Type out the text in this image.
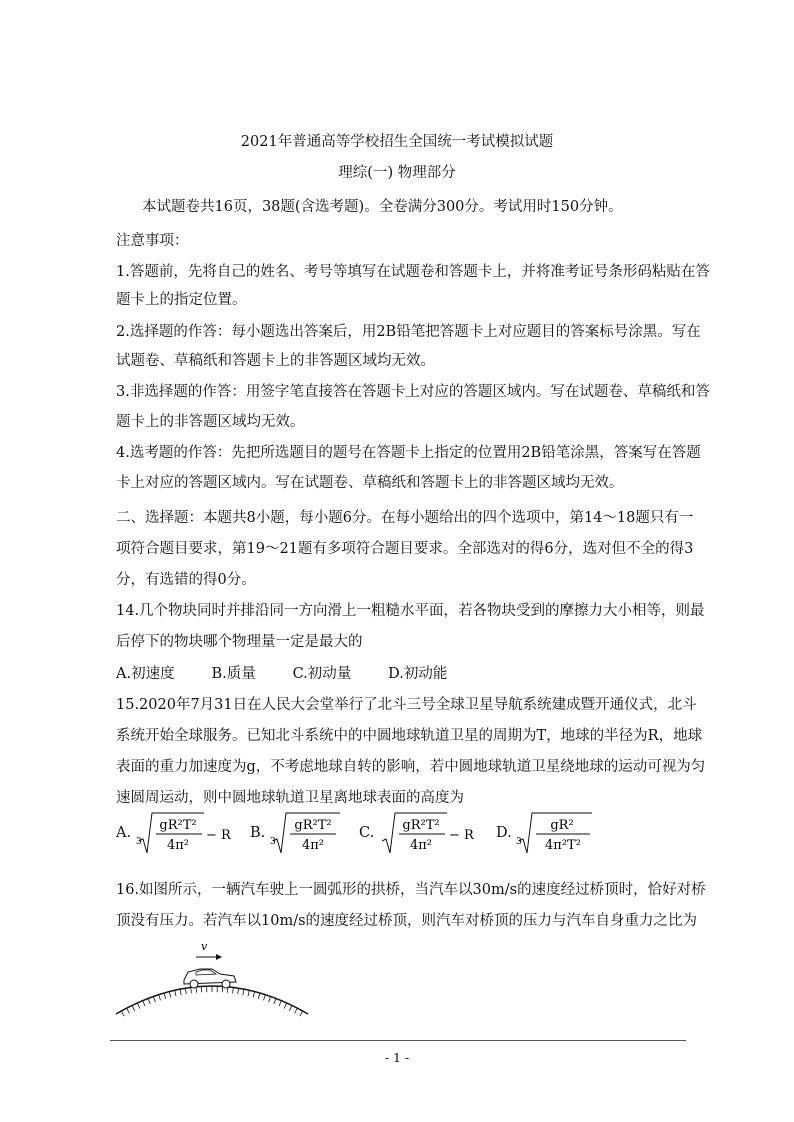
2021年普通高等学校招生全国统一考试模拟试题
理综(一) 物理部分
本试题卷共16页，38题(含选考题)。全卷满分300分。考试用时150分钟。
注意事项：
1.答题前，先将自己的姓名、考号等填写在试题卷和答题卡上，并将准考证号条形码粘贴在答
题卡上的指定位置。
2.选择题的作答：每小题选出答案后，用2B铅笔把答题卡上对应题目的答案标号涂黑。写在
试题卷、草稿纸和答题卡上的非答题区域均无效。
3.非选择题的作答：用签字笔直接答在答题卡上对应的答题区域内。写在试题卷、草稿纸和答
题卡上的非答题区域均无效。
4.选考题的作答：先把所选题目的题号在答题卡上指定的位置用2B铅笔涂黑，答案写在答题
卡上对应的答题区域内。写在试题卷、草稿纸和答题卡上的非答题区域均无效。
二、选择题：本题共8小题，每小题6分。在每小题给出的四个选项中，第14～18题只有一
项符合题目要求，第19～21题有多项符合题目要求。全部选对的得6分，选对但不全的得3
分，有选错的得0分。
14.几个物块同时并排沿同一方向滑上一粗糙水平面，若各物块受到的摩擦力大小相等，则最
后停下的物块哪个物理量一定是最大的
A.初速度        B.质量        C.初动量        D.初动能
15.2020年7月31日在人民大会堂举行了北斗三号全球卫星导航系统建成暨开通仪式，北斗
系统开始全球服务。已知北斗系统中的中圆地球轨道卫星的周期为T，地球的半径为R，地球
表面的重力加速度为g，不考虑地球自转的影响，若中圆地球轨道卫星绕地球的运动可视为匀
速圆周运动，则中圆地球轨道卫星离地球表面的高度为
A.
3
gR²T²
4π²
− R B.
3
gR²T²
4π²
C. gR²T²
4π²
− R D.
3
gR²
4π²T²
16.如图所示，一辆汽车驶上一圆弧形的拱桥，当汽车以30m/s的速度经过桥顶时，恰好对桥
顶没有压力。若汽车以10m/s的速度经过桥顶，则汽车对桥顶的压力与汽车自身重力之比为
v
- 1 -
